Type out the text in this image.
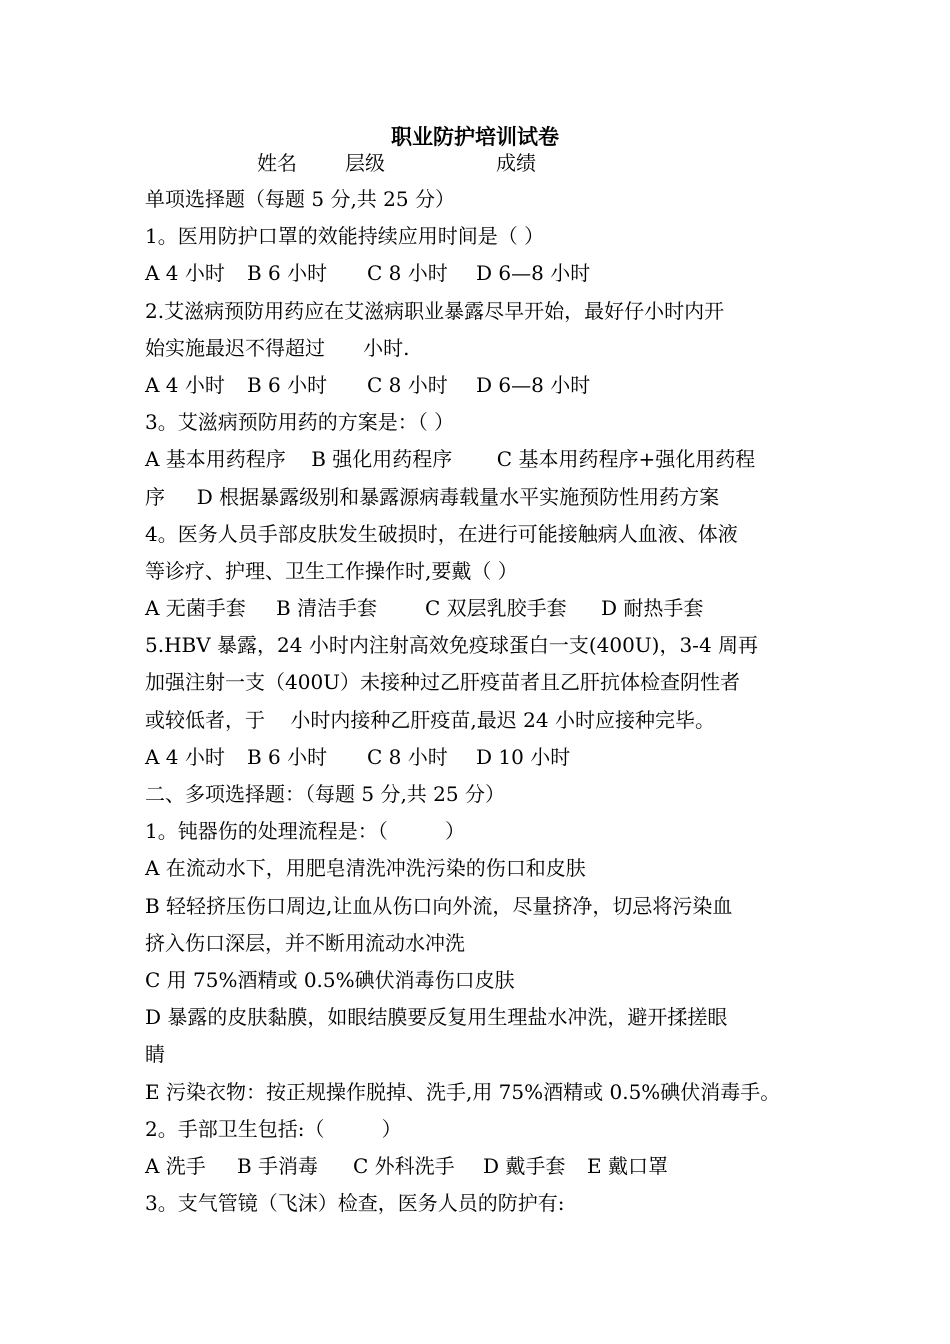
职业防护培训试卷
姓名 层级	成绩
单项选择题（每题 5 分,共 25 分）
1。医用防护口罩的效能持续应用时间是（ ）
A 4 小时 B 6 小时 C 8 小时 D 6—8 小时
2.艾滋病预防用药应在艾滋病职业暴露尽早开始，最好仔小时内开
始实施最迟不得超过      小时.
A 4 小时 B 6 小时 C 8 小时 D 6—8 小时
3。艾滋病预防用药的方案是：（ ）
A 基本用药程序    B 强化用药程序       C 基本用药程序+强化用药程
序     D 根据暴露级别和暴露源病毒载量水平实施预防性用药方案
4。医务人员手部皮肤发生破损时，在进行可能接触病人血液、体液
等诊疗、护理、卫生工作操作时,要戴（ ）
A 无菌手套 B 清洁手套 C 双层乳胶手套 D 耐热手套
5.HBV 暴露，24 小时内注射高效免疫球蛋白一支(400U)，3-4 周再
加强注射一支（400U）未接种过乙肝疫苗者且乙肝抗体检查阴性者
或较低者，于    小时内接种乙肝疫苗,最迟 24 小时应接种完毕。
A 4 小时 B 6 小时 C 8 小时 D 10 小时
二、多项选择题：（每题 5 分,共 25 分）
1。钝器伤的处理流程是：（         ）
A 在流动水下，用肥皂清洗冲洗污染的伤口和皮肤
B 轻轻挤压伤口周边,让血从伤口向外流，尽量挤净，切忌将污染血
挤入伤口深层，并不断用流动水冲洗
C 用 75%酒精或 0.5%碘伏消毒伤口皮肤
D 暴露的皮肤黏膜，如眼结膜要反复用生理盐水冲洗，避开揉搓眼
睛
E 污染衣物：按正规操作脱掉、洗手,用 75%酒精或 0.5%碘伏消毒手。
2。手部卫生包括:（         ）
A 洗手 B 手消毒 C 外科洗手 D 戴手套 E 戴口罩
3。支气管镜（飞沫）检查，医务人员的防护有:
